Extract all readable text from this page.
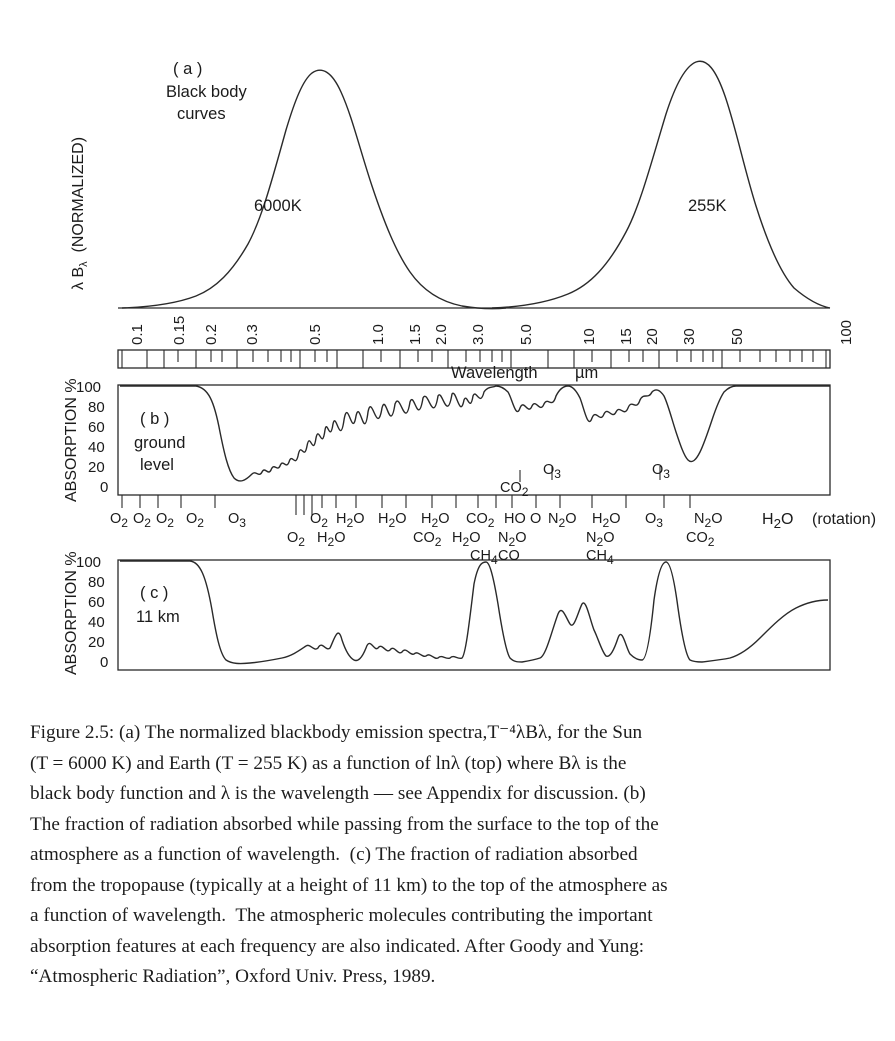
( a )
Black body
curves
6000K	255K
( b )
ground
level
100
80
60
40
20
0
( c )
11 km
100
80
60
40
20
0
λ $B_\lambda$  (NORMALIZED)
ABSORPTION %
ABSORPTION %
0.1 0.15 0.2 0.3	0.5	1.0 1.5 2.0 3.0 5.0	10 15 20 30 50	100
Wavelength µm
$O_2$ $O_2$ $O_2$ $O_2$ $O_3$	$O_2$ $H_2O$ $H_2O$ $H_2O$ $CO_2$ HO O $N_2O$ $H_2O$ $O_3$ $N_2O$ $H_2O$ (rotation)
$O_2$ $H_2O$	$CO_2$ $H_2O$ $N_2O$
CO
$N_2O$	$CO_2$
$CH_4$	$CH_4$
$CO_2$
$O_3$	$O_3$
Figure 2.5: (a) The normalized blackbody emission spectra,T⁻⁴λBλ, for the Sun
(T = 6000 K) and Earth (T = 255 K) as a function of lnλ (top) where Bλ is the
black body function and λ is the wavelength — see Appendix for discussion. (b)
The fraction of radiation absorbed while passing from the surface to the top of the
atmosphere as a function of wavelength.  (c) The fraction of radiation absorbed
from the tropopause (typically at a height of 11 km) to the top of the atmosphere as
a function of wavelength.  The atmospheric molecules contributing the important
absorption features at each frequency are also indicated. After Goody and Yung:
“Atmospheric Radiation”, Oxford Univ. Press, 1989.
